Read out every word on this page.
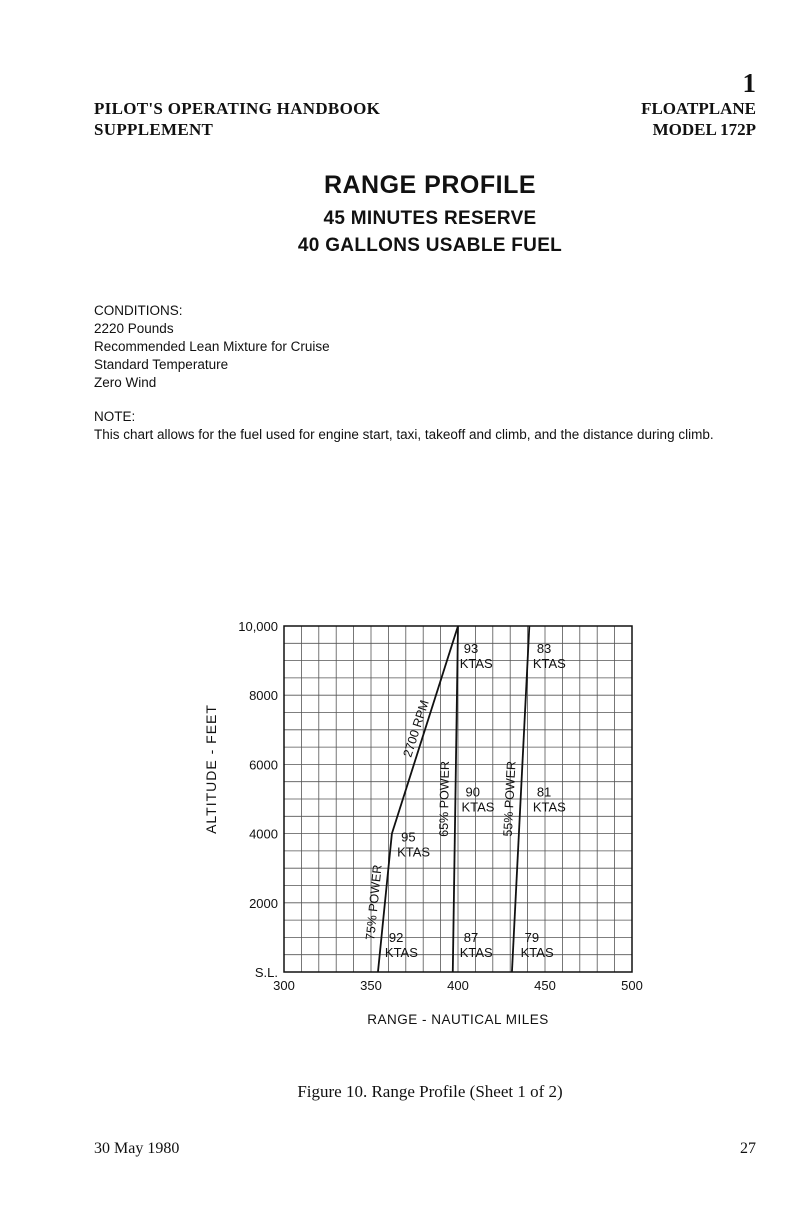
1
PILOT'S OPERATING HANDBOOK
SUPPLEMENT
FLOATPLANE
MODEL 172P
RANGE PROFILE
45 MINUTES RESERVE
40 GALLONS USABLE FUEL
CONDITIONS:
2220 Pounds
Recommended Lean Mixture for Cruise
Standard Temperature
Zero Wind
NOTE:
This chart allows for the fuel used for engine start, taxi, takeoff and climb, and the distance during climb.
300	350	400	450	500
S.L.
2000
4000
6000
8000
10,000
RANGE - NAUTICAL MILES
ALTITUDE - FEET
75% POWER
2700 RPM
65% POWER	55% POWER
92
KTAS
95
KTAS
87
KTAS
90
KTAS
93
KTAS
79
KTAS
81
KTAS
83
KTAS
Figure 10. Range Profile (Sheet 1 of 2)
30 May 1980	27
